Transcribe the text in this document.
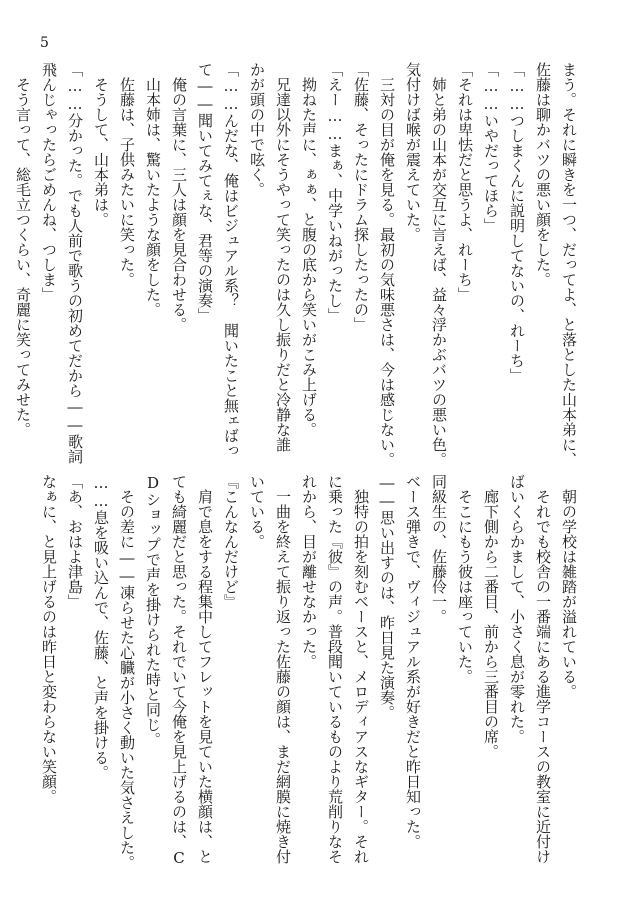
5
まう。それに瞬きを一つ、だってよ、と落とした山本弟に、
佐藤は聊かバツの悪い顔をした。
「……つしまくんに説明してないの、れーち」
「……いやだってほら」
「それは卑怯だと思うよ、れーち」
姉と弟の山本が交互に言えば、益々浮かぶバツの悪い色。
気付けば喉が震えていた。
三対の目が俺を見る。最初の気味悪さは、今は感じない。
「佐藤、そったにドラム探したったの」
「えー……まぁ、中学いねがったし」
拗ねた声に、ぁぁ、と腹の底から笑いがこみ上げる。
兄達以外にそうやって笑ったのは久し振りだと冷静な誰
かが頭の中で呟く。
「……んだな、俺はビジュアル系？　聞いたこと無ェばっ
て――聞いてみてぇな、君等の演奏」
俺の言葉に、三人は顔を見合わせる。
山本姉は、驚いたような顔をした。
佐藤は、子供みたいに笑った。
そうして、山本弟は。
「……分かった。でも人前で歌うの初めてだから――歌詞
飛んじゃったらごめんね、つしま」
そう言って、総毛立つくらい、奇麗に笑ってみせた。
朝の学校は雑踏が溢れている。
それでも校舎の一番端にある進学コースの教室に近付け
ばいくらかまして、小さく息が零れた。
廊下側から二番目、前から三番目の席。
そこにもう彼は座っていた。
同級生の、佐藤伶一。
ベース弾きで、ヴィジュアル系が好きだと昨日知った。
――思い出すのは、昨日見た演奏。
独特の拍を刻むベースと、メロディアスなギター。それ
に乗った『彼』の声。普段聞いているものより荒削りなそ
れから、目が離せなかった。
一曲を終えて振り返った佐藤の顔は、まだ網膜に焼き付
いている。
『こんなんだけど』
肩で息をする程集中してフレットを見ていた横顔は、と
ても綺麗だと思った。それでいて今俺を見上げるのは、C
Dショップで声を掛けられた時と同じ。
その差に――凍らせた心臓が小さく動いた気さえした。
……息を吸い込んで、佐藤、と声を掛ける。
「あ、おはよ津島」
なぁに、と見上げるのは昨日と変わらない笑顔。
